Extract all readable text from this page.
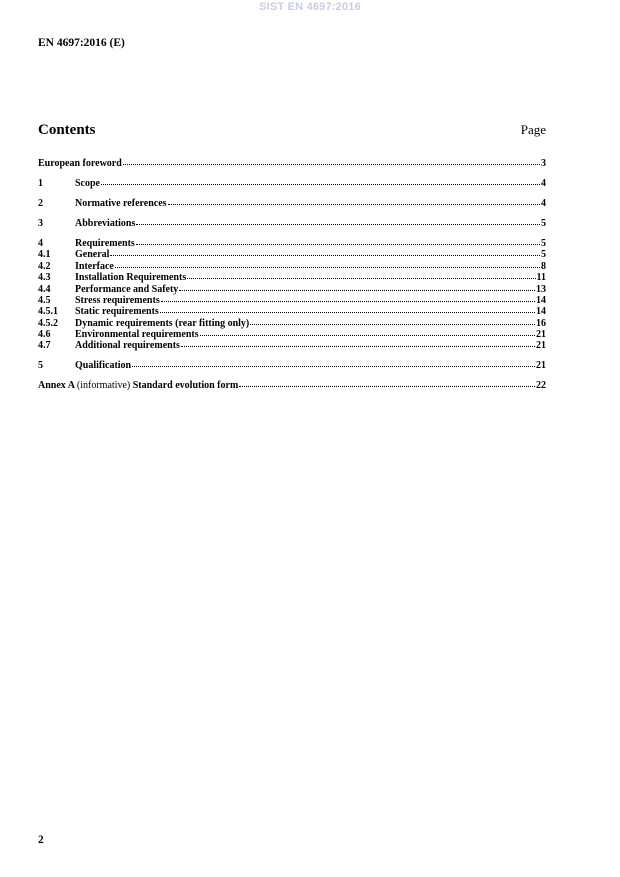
SIST EN 4697:2016
EN 4697:2016 (E)
Contents	Page
European foreword	3
1	Scope	4
2	Normative references	4
3	Abbreviations	5
4	Requirements	5
4.1	General	5
4.2	Interface	8
4.3	Installation Requirements	11
4.4	Performance and Safety	13
4.5	Stress requirements	14
4.5.1	Static requirements	14
4.5.2	Dynamic requirements (rear fitting only)	16
4.6	Environmental requirements	21
4.7	Additional requirements	21
5	Qualification	21
Annex A (informative) Standard evolution form	22
2
